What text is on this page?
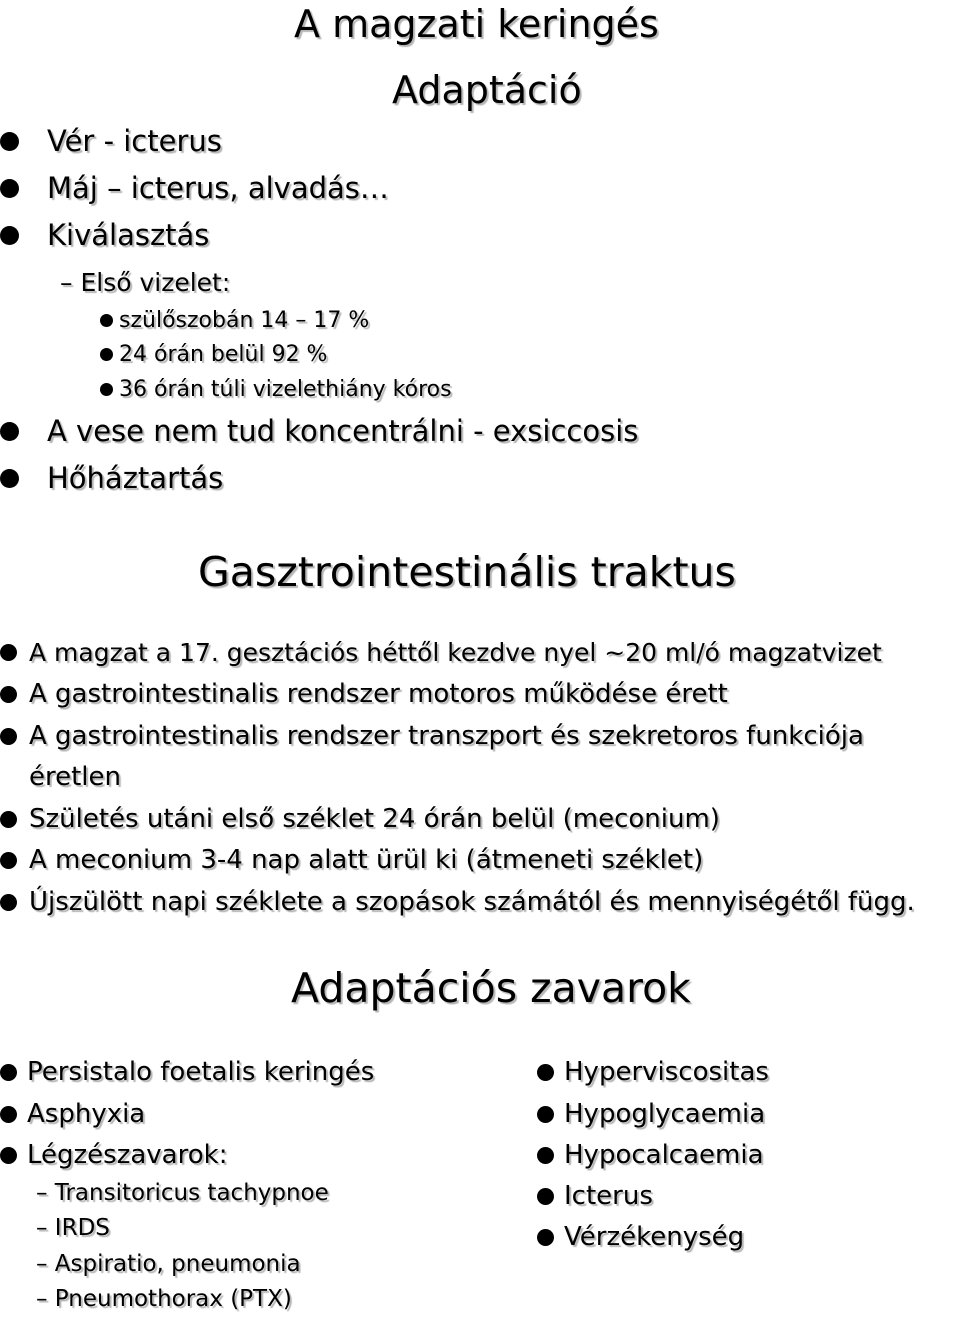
A magzati keringés
Adaptáció
Vér - icterus
Máj – icterus, alvadás…
Kiválasztás
– Első vizelet:
szülőszobán 14 – 17 %
24 órán belül 92 %
36 órán túli vizelethiány kóros
A vese nem tud koncentrálni - exsiccosis
Hőháztartás
Gasztrointestinális traktus
A magzat a 17. gesztációs héttől kezdve nyel ~20 ml/ó magzatvizet
A gastrointestinalis rendszer motoros működése érett
A gastrointestinalis rendszer transzport és szekretoros funkciója
éretlen
Születés utáni első széklet 24 órán belül (meconium)
A meconium 3-4 nap alatt ürül ki (átmeneti széklet)
Újszülött napi széklete a szopások számától és mennyiségétől függ.
Adaptációs zavarok
Persistalo foetalis keringés
Asphyxia
Légzészavarok:
– Transitoricus tachypnoe
– IRDS
– Aspiratio, pneumonia
– Pneumothorax (PTX)
Hyperviscositas
Hypoglycaemia
Hypocalcaemia
Icterus
Vérzékenység
